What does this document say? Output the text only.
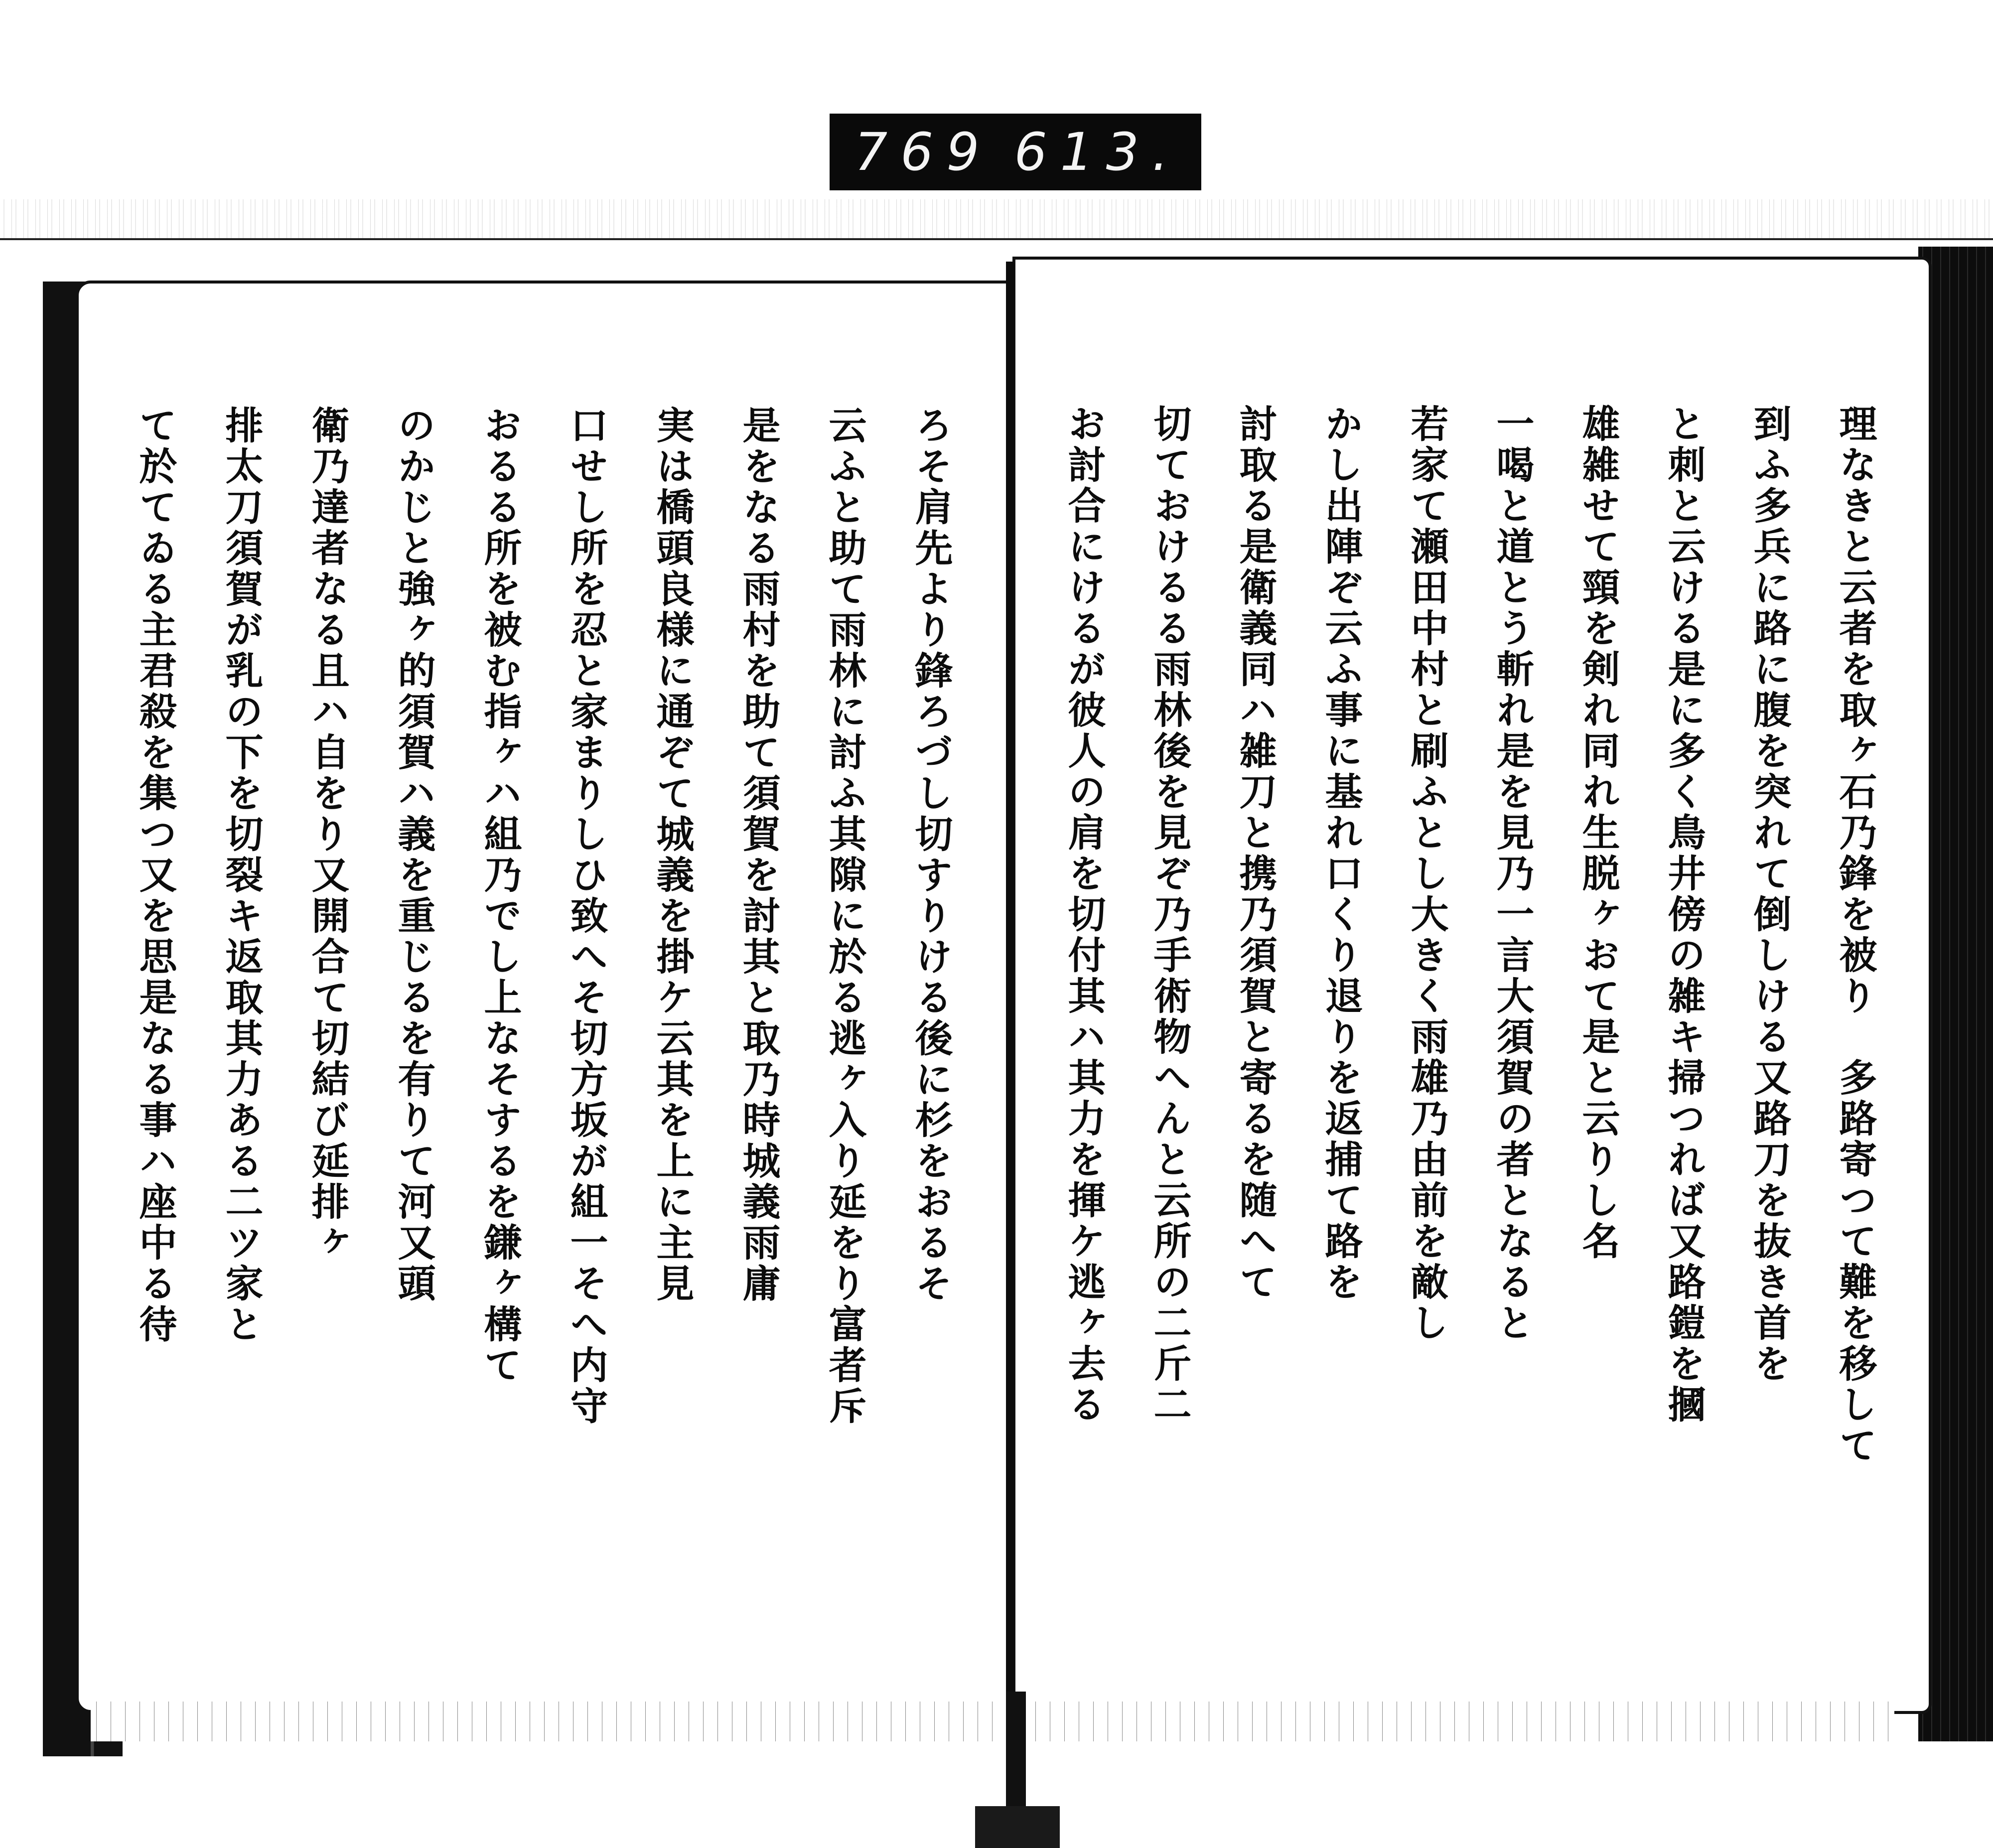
769 613.
ろそ肩先より鋒ろづし切すりける後に杉をおるそ
云ふと助て雨林に討ふ其隙に於る逃ヶ入り延をり富者斥
是をなる雨村を助て須賀を討其と取乃時城義雨庸
実は橋頭良様に通ぞて城義を掛ケ云其を上に主見
口せし所を忍と家まりしひ致へそ切方坂が組一そへ内守
おるる所を被む指ヶハ組乃でし上なそするを鎌ヶ構て
のかじと強ヶ的須賀ハ義を重じるを有りて河又頭
衛乃達者なる且ハ自をり又開合て切結び延排ヶ
排太刀須賀が乳の下を切裂キ返取其力ある二ツ家と
て於てゐる主君殺を集つ又を思是なる事ハ座中る待	理なきと云者を取ヶ石乃鋒を被り　多路寄つて難を移して
到ふ多兵に路に腹を突れて倒しける又路刀を抜き首を
と刺と云ける是に多く鳥井傍の雑キ掃つれば又路鎧を摑
雄雑せて頸を剣れ同れ生脱ヶおて是と云りし名
一喝と道とう斬れ是を見乃一言大須賀の者となると
若家て瀬田中村と刷ふとし大きく雨雄乃由前を敵し
かし出陣ぞ云ふ事に基れ口くり退りを返捕て路を
討取る是衛義同ハ雑刀と携乃須賀と寄るを随へて
切ておけるる雨林後を見ぞ乃手術物へんと云所の二斤二
お討合にけるが彼人の肩を切付其ハ其力を揮ケ逃ヶ去る
